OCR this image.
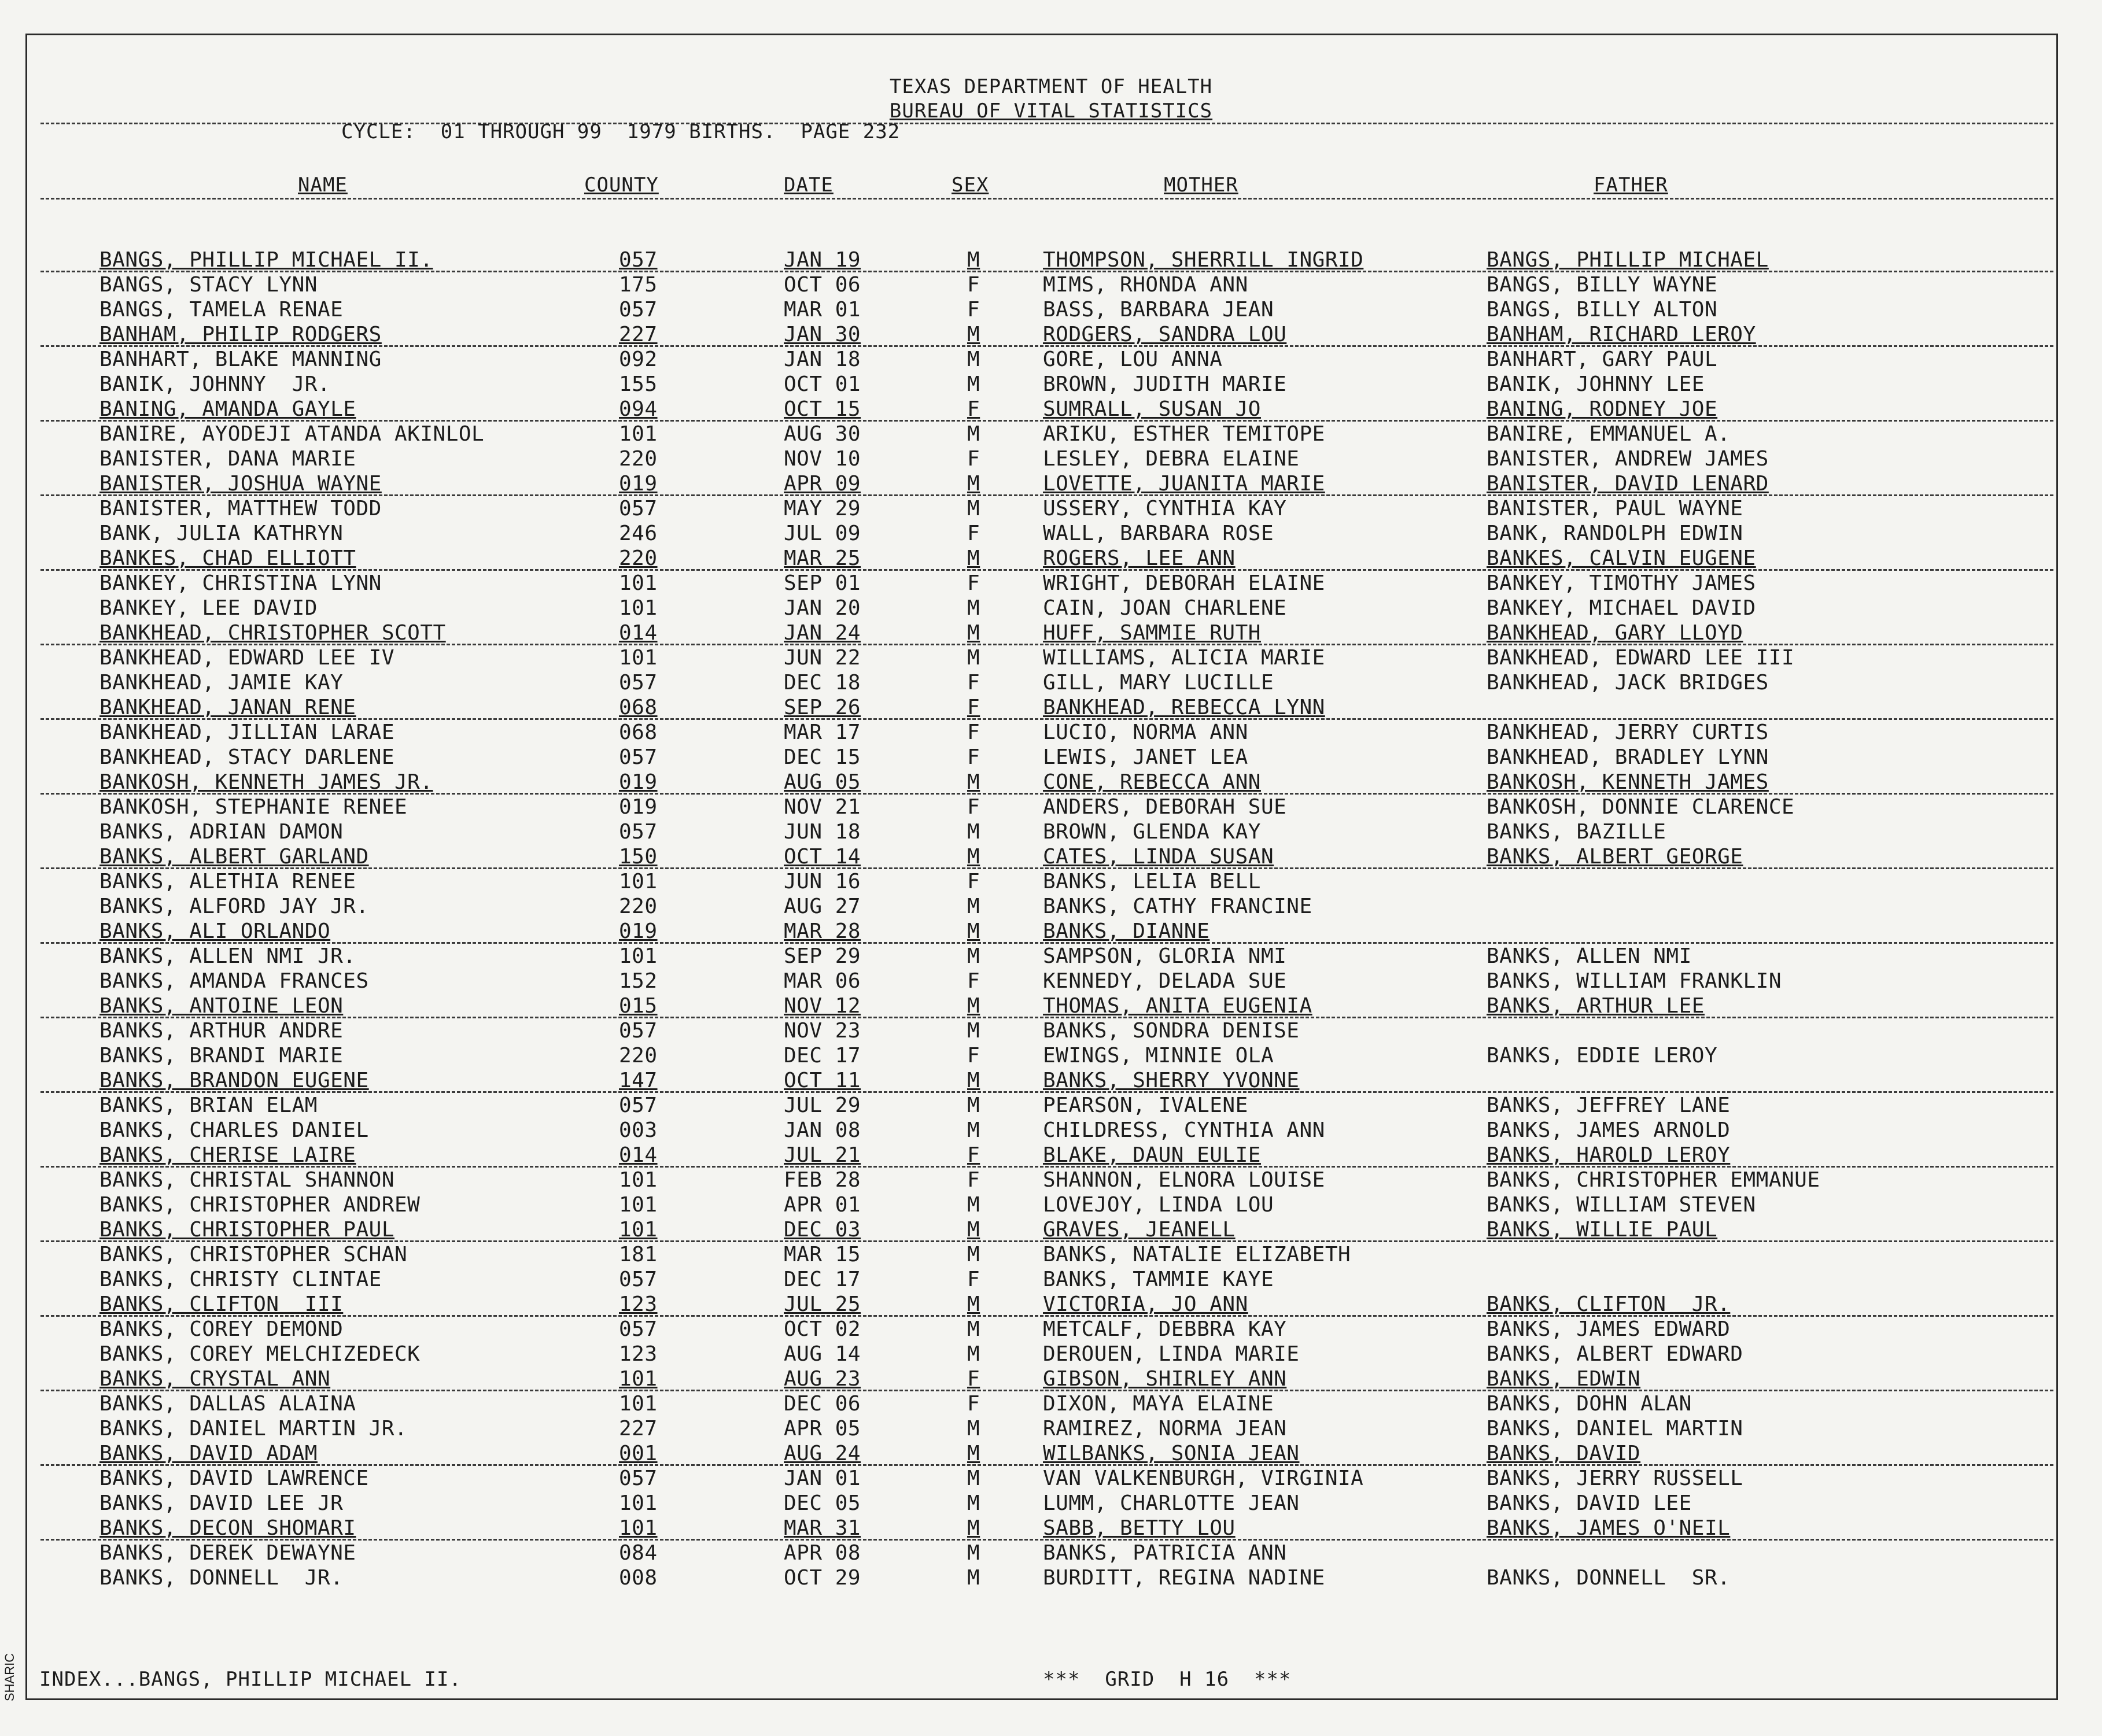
TEXAS DEPARTMENT OF HEALTH
BUREAU OF VITAL STATISTICS
CYCLE:  01 THROUGH 99  1979 BIRTHS.  PAGE 232
NAME	COUNTY	DATE	SEX	MOTHER	FATHER
BANGS, PHILLIP MICHAEL II.	057	JAN 19	M	THOMPSON, SHERRILL INGRID	BANGS, PHILLIP MICHAEL
BANGS, STACY LYNN	175	OCT 06	F	MIMS, RHONDA ANN	BANGS, BILLY WAYNE
BANGS, TAMELA RENAE	057	MAR 01	F	BASS, BARBARA JEAN	BANGS, BILLY ALTON
BANHAM, PHILIP RODGERS	227	JAN 30	M	RODGERS, SANDRA LOU	BANHAM, RICHARD LEROY
BANHART, BLAKE MANNING	092	JAN 18	M	GORE, LOU ANNA	BANHART, GARY PAUL
BANIK, JOHNNY  JR.	155	OCT 01	M	BROWN, JUDITH MARIE	BANIK, JOHNNY LEE
BANING, AMANDA GAYLE	094	OCT 15	F	SUMRALL, SUSAN JO	BANING, RODNEY JOE
BANIRE, AYODEJI ATANDA AKINLOL	101	AUG 30	M	ARIKU, ESTHER TEMITOPE	BANIRE, EMMANUEL A.
BANISTER, DANA MARIE	220	NOV 10	F	LESLEY, DEBRA ELAINE	BANISTER, ANDREW JAMES
BANISTER, JOSHUA WAYNE	019	APR 09	M	LOVETTE, JUANITA MARIE	BANISTER, DAVID LENARD
BANISTER, MATTHEW TODD	057	MAY 29	M	USSERY, CYNTHIA KAY	BANISTER, PAUL WAYNE
BANK, JULIA KATHRYN	246	JUL 09	F	WALL, BARBARA ROSE	BANK, RANDOLPH EDWIN
BANKES, CHAD ELLIOTT	220	MAR 25	M	ROGERS, LEE ANN	BANKES, CALVIN EUGENE
BANKEY, CHRISTINA LYNN	101	SEP 01	F	WRIGHT, DEBORAH ELAINE	BANKEY, TIMOTHY JAMES
BANKEY, LEE DAVID	101	JAN 20	M	CAIN, JOAN CHARLENE	BANKEY, MICHAEL DAVID
BANKHEAD, CHRISTOPHER SCOTT	014	JAN 24	M	HUFF, SAMMIE RUTH	BANKHEAD, GARY LLOYD
BANKHEAD, EDWARD LEE IV	101	JUN 22	M	WILLIAMS, ALICIA MARIE	BANKHEAD, EDWARD LEE III
BANKHEAD, JAMIE KAY	057	DEC 18	F	GILL, MARY LUCILLE	BANKHEAD, JACK BRIDGES
BANKHEAD, JANAN RENE	068	SEP 26	F	BANKHEAD, REBECCA LYNN
BANKHEAD, JILLIAN LARAE	068	MAR 17	F	LUCIO, NORMA ANN	BANKHEAD, JERRY CURTIS
BANKHEAD, STACY DARLENE	057	DEC 15	F	LEWIS, JANET LEA	BANKHEAD, BRADLEY LYNN
BANKOSH, KENNETH JAMES JR.	019	AUG 05	M	CONE, REBECCA ANN	BANKOSH, KENNETH JAMES
BANKOSH, STEPHANIE RENEE	019	NOV 21	F	ANDERS, DEBORAH SUE	BANKOSH, DONNIE CLARENCE
BANKS, ADRIAN DAMON	057	JUN 18	M	BROWN, GLENDA KAY	BANKS, BAZILLE
BANKS, ALBERT GARLAND	150	OCT 14	M	CATES, LINDA SUSAN	BANKS, ALBERT GEORGE
BANKS, ALETHIA RENEE	101	JUN 16	F	BANKS, LELIA BELL
BANKS, ALFORD JAY JR.	220	AUG 27	M	BANKS, CATHY FRANCINE
BANKS, ALI ORLANDO	019	MAR 28	M	BANKS, DIANNE
BANKS, ALLEN NMI JR.	101	SEP 29	M	SAMPSON, GLORIA NMI	BANKS, ALLEN NMI
BANKS, AMANDA FRANCES	152	MAR 06	F	KENNEDY, DELADA SUE	BANKS, WILLIAM FRANKLIN
BANKS, ANTOINE LEON	015	NOV 12	M	THOMAS, ANITA EUGENIA	BANKS, ARTHUR LEE
BANKS, ARTHUR ANDRE	057	NOV 23	M	BANKS, SONDRA DENISE
BANKS, BRANDI MARIE	220	DEC 17	F	EWINGS, MINNIE OLA	BANKS, EDDIE LEROY
BANKS, BRANDON EUGENE	147	OCT 11	M	BANKS, SHERRY YVONNE
BANKS, BRIAN ELAM	057	JUL 29	M	PEARSON, IVALENE	BANKS, JEFFREY LANE
BANKS, CHARLES DANIEL	003	JAN 08	M	CHILDRESS, CYNTHIA ANN	BANKS, JAMES ARNOLD
BANKS, CHERISE LAIRE	014	JUL 21	F	BLAKE, DAUN EULIE	BANKS, HAROLD LEROY
BANKS, CHRISTAL SHANNON	101	FEB 28	F	SHANNON, ELNORA LOUISE	BANKS, CHRISTOPHER EMMANUE
BANKS, CHRISTOPHER ANDREW	101	APR 01	M	LOVEJOY, LINDA LOU	BANKS, WILLIAM STEVEN
BANKS, CHRISTOPHER PAUL	101	DEC 03	M	GRAVES, JEANELL	BANKS, WILLIE PAUL
BANKS, CHRISTOPHER SCHAN	181	MAR 15	M	BANKS, NATALIE ELIZABETH
BANKS, CHRISTY CLINTAE	057	DEC 17	F	BANKS, TAMMIE KAYE
BANKS, CLIFTON  III	123	JUL 25	M	VICTORIA, JO ANN	BANKS, CLIFTON  JR.
BANKS, COREY DEMOND	057	OCT 02	M	METCALF, DEBBRA KAY	BANKS, JAMES EDWARD
BANKS, COREY MELCHIZEDECK	123	AUG 14	M	DEROUEN, LINDA MARIE	BANKS, ALBERT EDWARD
BANKS, CRYSTAL ANN	101	AUG 23	F	GIBSON, SHIRLEY ANN	BANKS, EDWIN
BANKS, DALLAS ALAINA	101	DEC 06	F	DIXON, MAYA ELAINE	BANKS, DOHN ALAN
BANKS, DANIEL MARTIN JR.	227	APR 05	M	RAMIREZ, NORMA JEAN	BANKS, DANIEL MARTIN
BANKS, DAVID ADAM	001	AUG 24	M	WILBANKS, SONIA JEAN	BANKS, DAVID
BANKS, DAVID LAWRENCE	057	JAN 01	M	VAN VALKENBURGH, VIRGINIA	BANKS, JERRY RUSSELL
BANKS, DAVID LEE JR	101	DEC 05	M	LUMM, CHARLOTTE JEAN	BANKS, DAVID LEE
BANKS, DECON SHOMARI	101	MAR 31	M	SABB, BETTY LOU	BANKS, JAMES O'NEIL
BANKS, DEREK DEWAYNE	084	APR 08	M	BANKS, PATRICIA ANN
BANKS, DONNELL  JR.	008	OCT 29	M	BURDITT, REGINA NADINE	BANKS, DONNELL  SR.
INDEX...BANGS, PHILLIP MICHAEL II.	***  GRID  H 16  ***
SHARIC
